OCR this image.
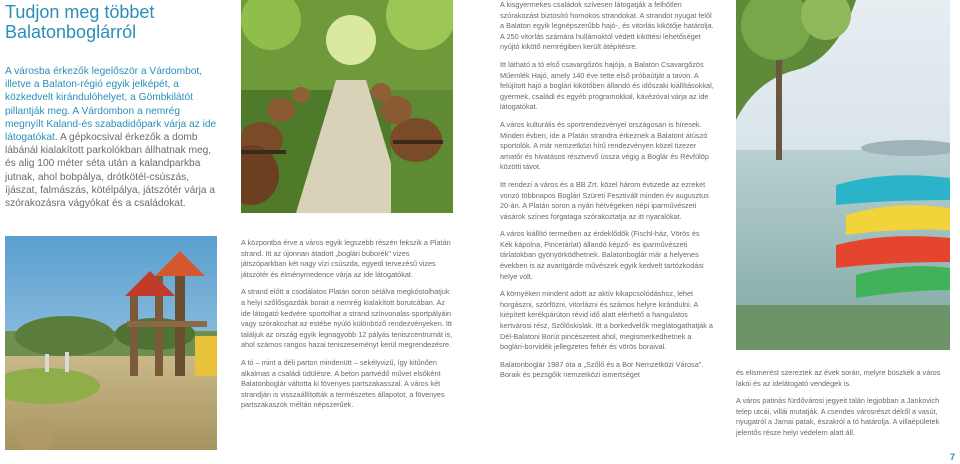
Tudjon meg többet
Balatonboglárról
A városba érkezők legelőször a Várdombot, illetve a Balaton-régió egyik jelképét, a közkedvelt kirándulóhelyet, a Gömbkilátót pillantják meg. A Várdombon a nemrég megnyílt Kaland-és szabadidőpark várja az ide látogatókat. A gépkocsival érkezők a domb lábánál kialakított parkolókban állhatnak meg, és alig 100 méter séta után a kalandparkba jutnak, ahol bobpálya, drótkötél-csúszás, íjászat, falmászás, kötélpálya, játszótér várja a szórakozásra vágyókat és a családokat.

A központba érve a város egyik legszebb részén fekszik a Platán strand. Itt az újonnan átadott „boglári buborék" vizes játszóparkban két nagy vízi csúszda, egyedi tervezésű vizes játszótér és élménymedence várja az ide látogatókat.

A strand előtt a csodálatos Platán soron sétálva megkóstolhatjuk a helyi szőlősgazdák borait a nemrég kialakított borutcában. Az ide látogató kedvére sportolhat a strand színvonalas sportpályáin vagy szórakozhat az estébe nyúló különböző rendezvényeken. Itt találjuk az ország egyik legnagyobb 12 pályás teniszcentrumát is, ahol számos rangos hazai teniszeseményt kerül megrendezésre.

A tó – mint a déli parton mindenütt – sekélyvizű, így kitűnően alkalmas a családi üdülésre. A beton partvédő művet elsőként Balatonboglár váltotta ki fövenyes partszakasszal. A város két strandján is visszaállították a természetes állapotot, a fövenyes partszakaszok méltán népszerűek.

A kisgyermekes családok szívesen látogatják a felhőtlen szórakozást biztosító homokos strandokat. A strandot nyugat felől a Balaton egyik legnépszerűbb hajó-, és vitorlás kikötője határolja. A 250 vitorlás számára hullámoktól védett kikötési lehetőséget nyújtó kikötő nemrégiben került átépítésre.

Itt látható a tó első csavargőzös hajója, a Balaton Csavargőzös Műemlék Hajó, amely 140 éve tette első próbaútját a tavon. A felújított hajó a boglári kikötőben állandó és időszaki kiállításokkal, gyermek, családi és egyéb programokkal, kávézóval várja az ide látogatókat.

A város kulturális és sportrendezvényei országosan is híresek. Minden évben, ide a Platán strandra érkeznek a Balatont átúszó sportolók. A már nemzetközi hírű rendezvényen közel tizezer amatőr és hivatásos résztvevő ússza végig a Boglár és Révfülöp közötti távot.

Itt rendezi a város és a BB Zrt. közel három évtizede az ezreket vonzó többnapos Boglári Szüreti Fesztivált minden év augusztus 20-án. A Platán soron a nyári hétvégeken népi iparművészeti vásárok színes forgataga szórakoztatja az itt nyaralókat.

A város kiállító termeiben az érdeklődők (Fischl-ház, Vörös és Kék kápolna, Pincetárlat) állandó képző- és iparművészeti tárlatokban gyönyörködhetnek. Balatonboglár már a helyenes években is az avantgárde művészek egyik kedvelt tartózkodási helye volt.

A környéken mindent adott az aktív kikapcsolódáshoz, lehet horgászni, szörfözni, vitorlázni és számos helyre kirándulni. A kiépített kerékpárúton révid idő alatt elérhető a hangulatos kertvárosi rész, Szőlőskislak. Itt a borkedvelők meglátogathatják a Dél-Balatoni Borút pincészeteit ahol, megismerkedhetnek a boglári-borvidék jellegzetes fehér és vörös boraival.

Balatonboglár 1987 óta a „Szőlő és a Bor Nemzetközi Városa". Boraik és pezsgőik nemzetközi ismertséget	és elismerést szereztek az évek során, melyre büszkék a város lakói és az idelátogató vendégek is.

A város patinás fürdővárosi jegyeit talán legjobban a Jankovich telep utcái, villái mutatják. A csendes városrészt délről a vasút, nyugatról a Jamai patak, északról a tó határolja. A villaépületek jelentős része helyi védelem alatt áll.

7
